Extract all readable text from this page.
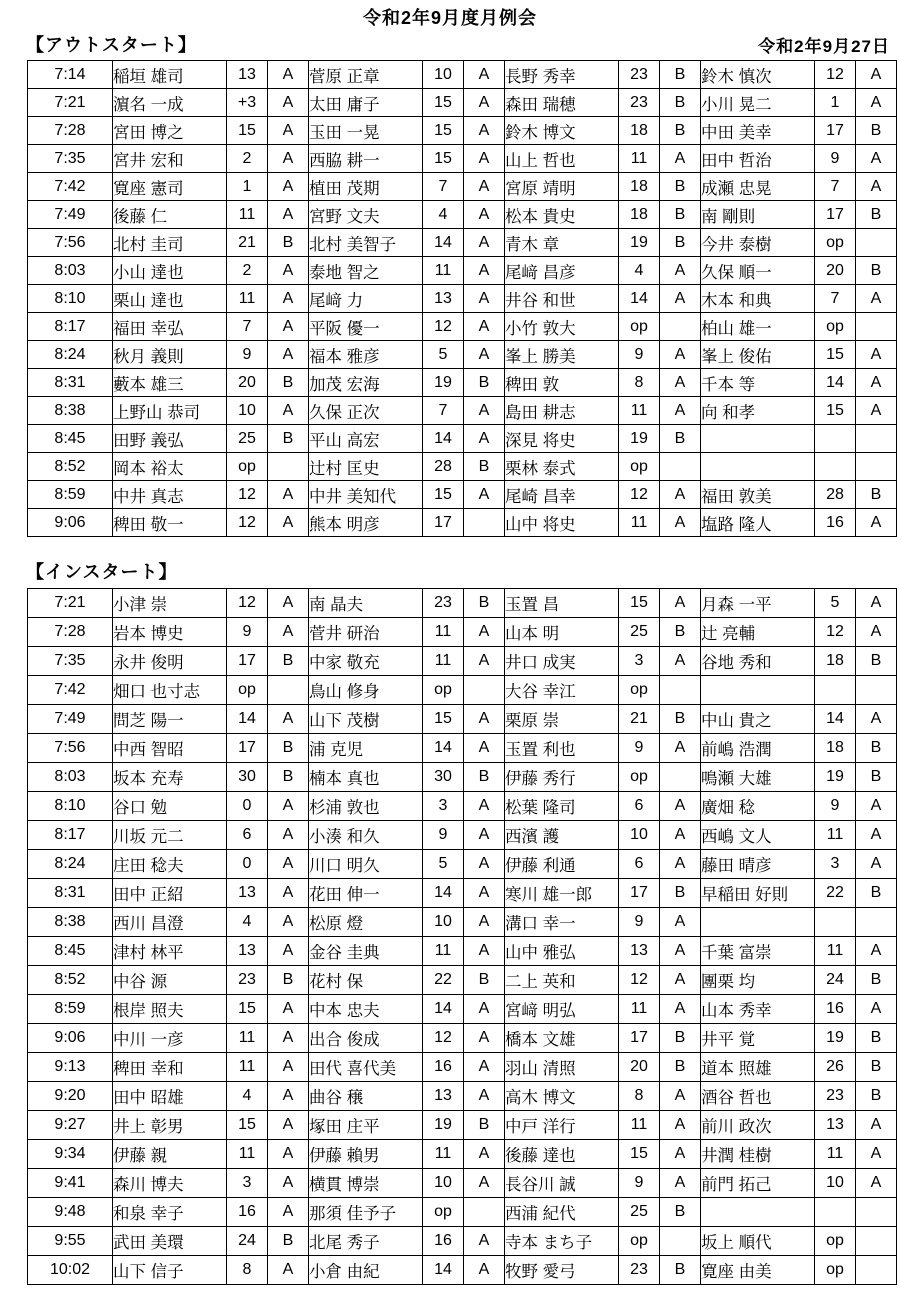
令和2年9月度月例会
【アウトスタート】	令和2年9月27日
7:14	稲垣 雄司	13	A	菅原 正章	10	A	長野 秀幸	23	B	鈴木 慎次	12	A
7:21	濵名 一成	+3	A	太田 庸子	15	A	森田 瑞穂	23	B	小川 晃二	1	A
7:28	宮田 博之	15	A	玉田 一晃	15	A	鈴木 博文	18	B	中田 美幸	17	B
7:35	宮井 宏和	2	A	西脇 耕一	15	A	山上 哲也	11	A	田中 哲治	9	A
7:42	寛座 憲司	1	A	植田 茂期	7	A	宮原 靖明	18	B	成瀬 忠晃	7	A
7:49	後藤 仁	11	A	宮野 文夫	4	A	松本 貴史	18	B	南 剛則	17	B
7:56	北村 圭司	21	B	北村 美智子	14	A	青木 章	19	B	今井 泰樹	op	
8:03	小山 達也	2	A	泰地 智之	11	A	尾﨑 昌彦	4	A	久保 順一	20	B
8:10	栗山 達也	11	A	尾﨑 力	13	A	井谷 和世	14	A	木本 和典	7	A
8:17	福田 幸弘	7	A	平阪 優一	12	A	小竹 敦大	op		柏山 雄一	op	
8:24	秋月 義則	9	A	福本 雅彦	5	A	峯上 勝美	9	A	峯上 俊佑	15	A
8:31	藪本 雄三	20	B	加茂 宏海	19	B	稗田 敦	8	A	千本 等	14	A
8:38	上野山 恭司	10	A	久保 正次	7	A	島田 耕志	11	A	向 和孝	15	A
8:45	田野 義弘	25	B	平山 高宏	14	A	深見 将史	19	B			
8:52	岡本 裕太	op		辻村 匡史	28	B	栗林 泰式	op				
8:59	中井 真志	12	A	中井 美知代	15	A	尾崎 昌幸	12	A	福田 敦美	28	B
9:06	稗田 敬一	12	A	熊本 明彦	17		山中 将史	11	A	塩路 隆人	16	A
【インスタート】
7:21	小津 崇	12	A	南 晶夫	23	B	玉置 昌	15	A	月森 一平	5	A
7:28	岩本 博史	9	A	菅井 研治	11	A	山本 明	25	B	辻 亮輔	12	A
7:35	永井 俊明	17	B	中家 敬充	11	A	井口 成実	3	A	谷地 秀和	18	B
7:42	畑口 也寸志	op		鳥山 修身	op		大谷 幸江	op				
7:49	問芝 陽一	14	A	山下 茂樹	15	A	栗原 崇	21	B	中山 貴之	14	A
7:56	中西 智昭	17	B	浦 克児	14	A	玉置 利也	9	A	前嶋 浩潤	18	B
8:03	坂本 充寿	30	B	楠本 真也	30	B	伊藤 秀行	op		鳴瀬 大雄	19	B
8:10	谷口 勉	0	A	杉浦 敦也	3	A	松葉 隆司	6	A	廣畑 稔	9	A
8:17	川坂 元二	6	A	小湊 和久	9	A	西濱 護	10	A	西嶋 文人	11	A
8:24	庄田 稔夫	0	A	川口 明久	5	A	伊藤 利通	6	A	藤田 晴彦	3	A
8:31	田中 正紹	13	A	花田 伸一	14	A	寒川 雄一郎	17	B	早稲田 好則	22	B
8:38	西川 昌澄	4	A	松原 燈	10	A	溝口 幸一	9	A			
8:45	津村 林平	13	A	金谷 圭典	11	A	山中 雅弘	13	A	千葉 富崇	11	A
8:52	中谷 源	23	B	花村 保	22	B	二上 英和	12	A	團栗 均	24	B
8:59	根岸 照夫	15	A	中本 忠夫	14	A	宮﨑 明弘	11	A	山本 秀幸	16	A
9:06	中川 一彦	11	A	出合 俊成	12	A	橋本 文雄	17	B	井平 覚	19	B
9:13	稗田 幸和	11	A	田代 喜代美	16	A	羽山 清照	20	B	道本 照雄	26	B
9:20	田中 昭雄	4	A	曲谷 穣	13	A	高木 博文	8	A	酒谷 哲也	23	B
9:27	井上 彰男	15	A	塚田 庄平	19	B	中戸 洋行	11	A	前川 政次	13	A
9:34	伊藤 親	11	A	伊藤 賴男	11	A	後藤 達也	15	A	井潤 桂樹	11	A
9:41	森川 博夫	3	A	横貫 博崇	10	A	長谷川 誠	9	A	前門 拓己	10	A
9:48	和泉 幸子	16	A	那須 佳予子	op		西浦 紀代	25	B			
9:55	武田 美環	24	B	北尾 秀子	16	A	寺本 まち子	op		坂上 順代	op	
10:02	山下 信子	8	A	小倉 由紀	14	A	牧野 愛弓	23	B	寛座 由美	op	
